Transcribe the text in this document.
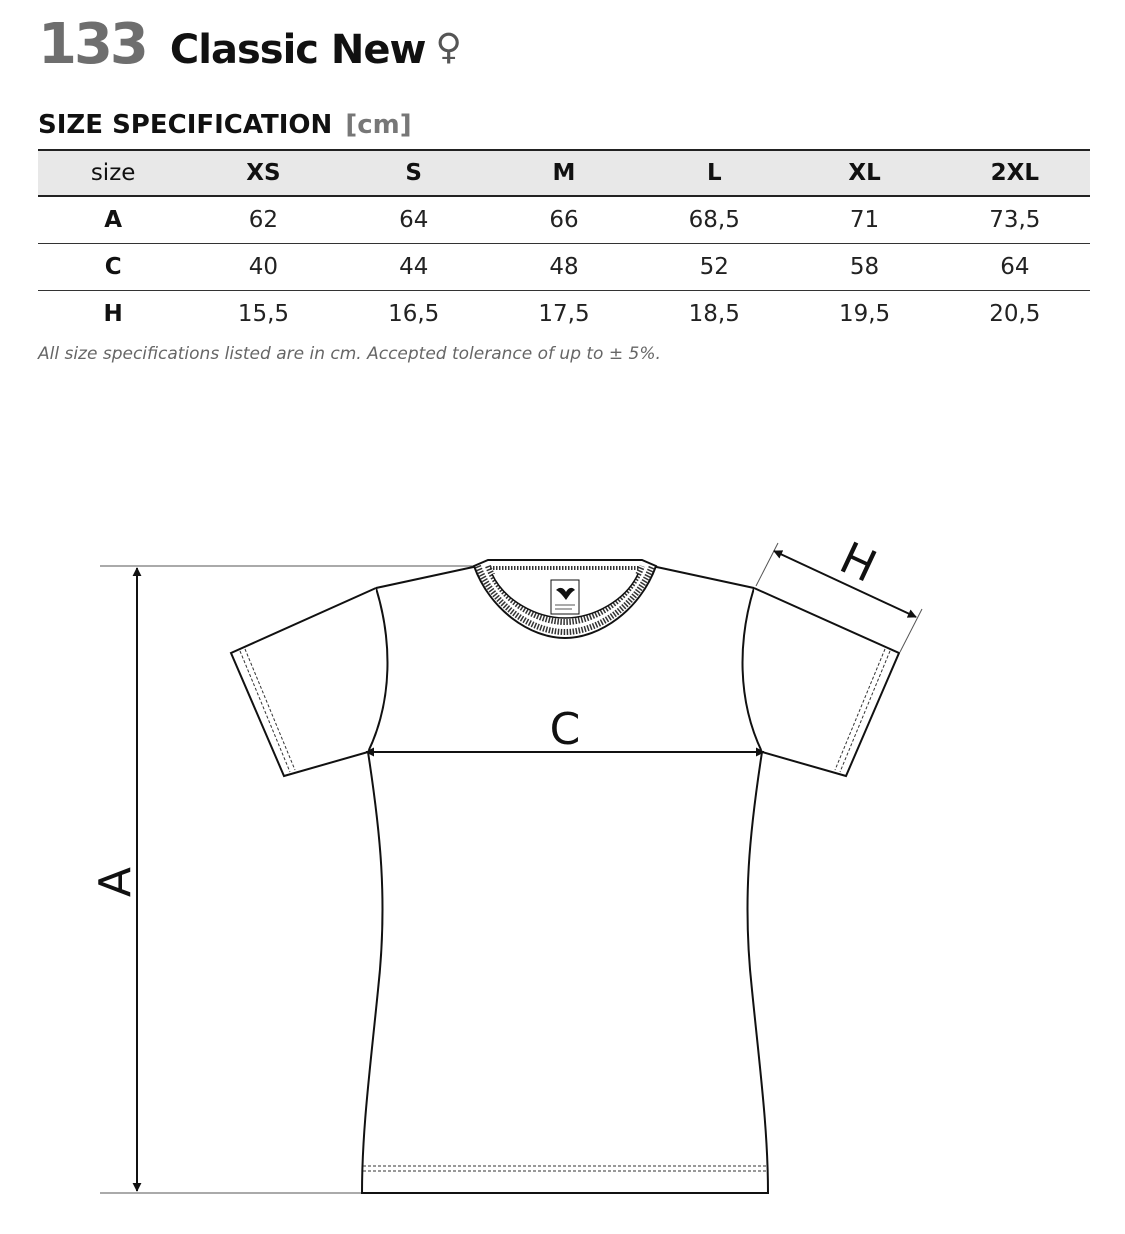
133 Classic New ♀
SIZE SPECIFICATION [cm]
size	XS	S	M	L	XL	2XL
A	62	64	66	68,5	71	73,5
C	40	44	48	52	58	64
H	15,5	16,5	17,5	18,5	19,5	20,5
All size specifications listed are in cm. Accepted tolerance of up to ± 5%.
A
C
H
